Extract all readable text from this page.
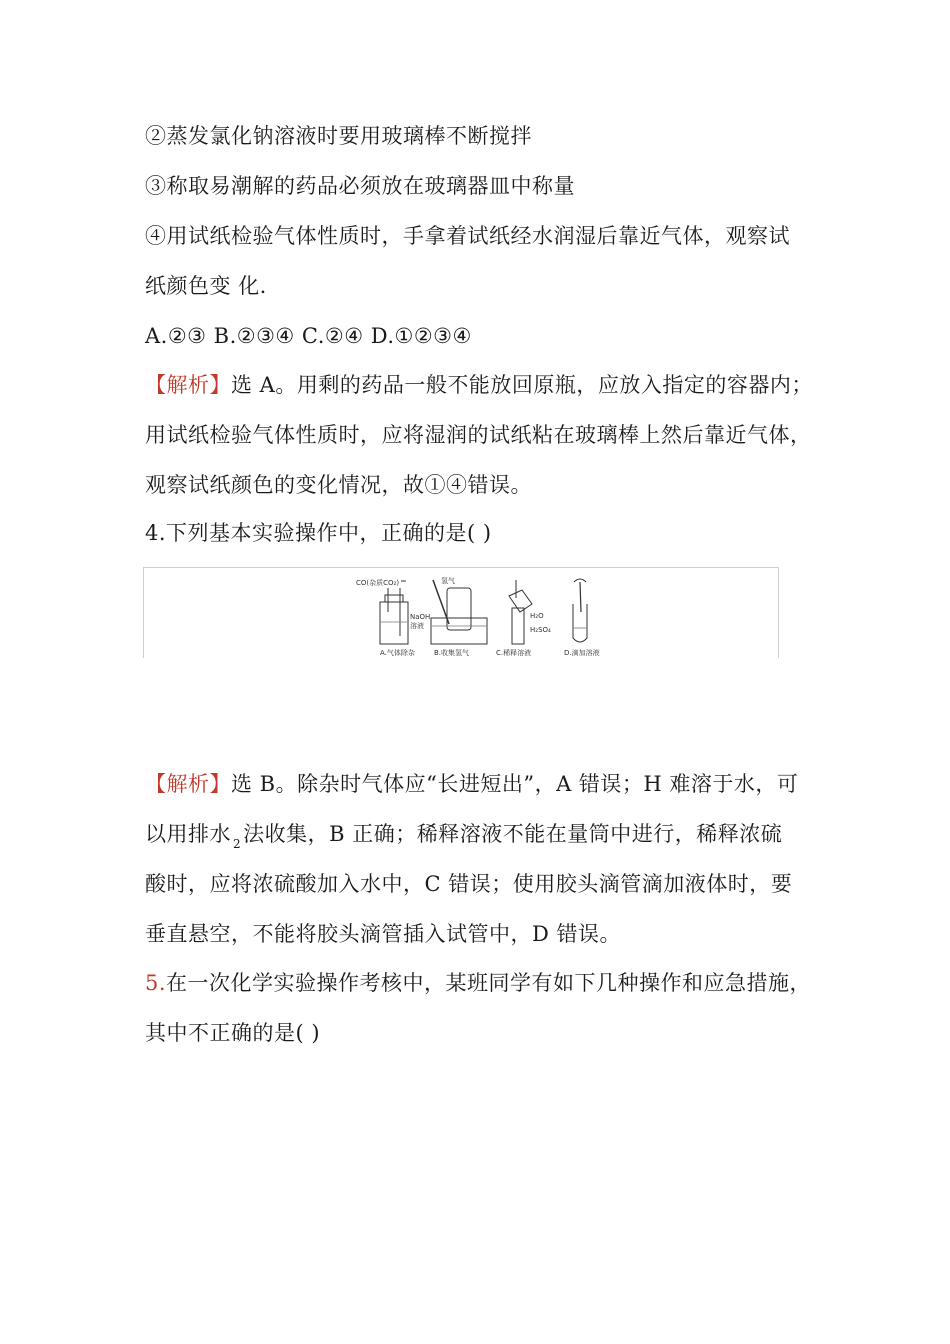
②蒸发氯化钠溶液时要用玻璃棒不断搅拌
③称取易潮解的药品必须放在玻璃器皿中称量
④用试纸检验气体性质时，手拿着试纸经水润湿后靠近气体，观察试
纸颜色变 化.
A.②③ B.②③④ C.②④ D.①②③④
【解析】选 A。用剩的药品一般不能放回原瓶，应放入指定的容器内；
用试纸检验气体性质时，应将湿润的试纸粘在玻璃棒上然后靠近气体，
观察试纸颜色的变化情况，故①④错误。
4.下列基本实验操作中，正确的是( )
CO(杂质CO₂)
NaOH
溶液
A.气体除杂
氢气
B.收集氢气
H₂O
H₂SO₄
C.稀释溶液	D.滴加溶液
【解析】选 B。除杂时气体应“长进短出”，A 错误；H 难溶于水，可
以用排水 $_2$法收集，B 正确；稀释溶液不能在量筒中进行，稀释浓硫
酸时，应将浓硫酸加入水中，C 错误；使用胶头滴管滴加液体时，要
垂直悬空，不能将胶头滴管插入试管中，D 错误。
5.在一次化学实验操作考核中，某班同学有如下几种操作和应急措施，
其中不正确的是( )
